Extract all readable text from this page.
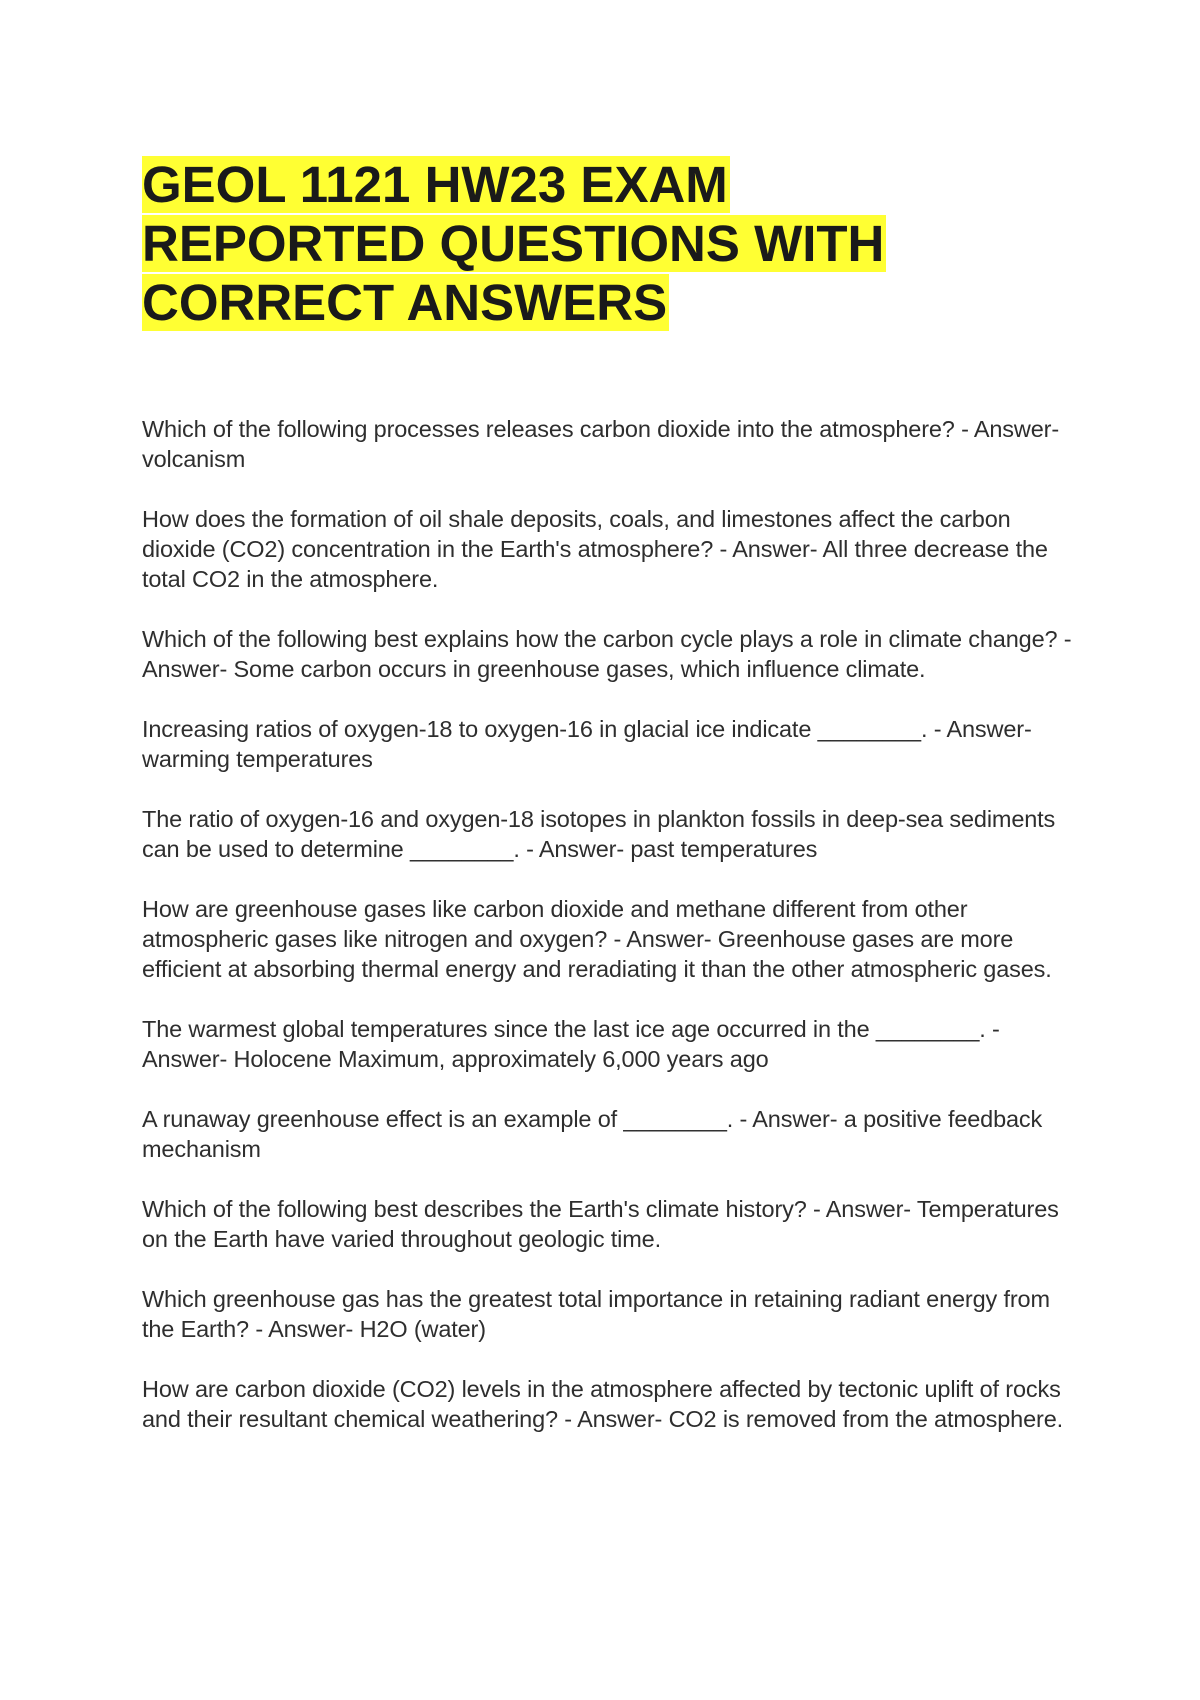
GEOL 1121 HW23 EXAM REPORTED QUESTIONS WITH CORRECT ANSWERS

Which of the following processes releases carbon dioxide into the atmosphere? - Answer- volcanism

How does the formation of oil shale deposits, coals, and limestones affect the carbon dioxide (CO2) concentration in the Earth's atmosphere? - Answer- All three decrease the total CO2 in the atmosphere.

Which of the following best explains how the carbon cycle plays a role in climate change? - Answer- Some carbon occurs in greenhouse gases, which influence climate.

Increasing ratios of oxygen-18 to oxygen-16 in glacial ice indicate ________. - Answer- warming temperatures

The ratio of oxygen-16 and oxygen-18 isotopes in plankton fossils in deep-sea sediments can be used to determine ________. - Answer- past temperatures

How are greenhouse gases like carbon dioxide and methane different from other atmospheric gases like nitrogen and oxygen? - Answer- Greenhouse gases are more efficient at absorbing thermal energy and reradiating it than the other atmospheric gases.

The warmest global temperatures since the last ice age occurred in the ________. - Answer- Holocene Maximum, approximately 6,000 years ago

A runaway greenhouse effect is an example of ________. - Answer- a positive feedback mechanism

Which of the following best describes the Earth's climate history? - Answer- Temperatures on the Earth have varied throughout geologic time.

Which greenhouse gas has the greatest total importance in retaining radiant energy from the Earth? - Answer- H2O (water)

How are carbon dioxide (CO2) levels in the atmosphere affected by tectonic uplift of rocks and their resultant chemical weathering? - Answer- CO2 is removed from the atmosphere.
